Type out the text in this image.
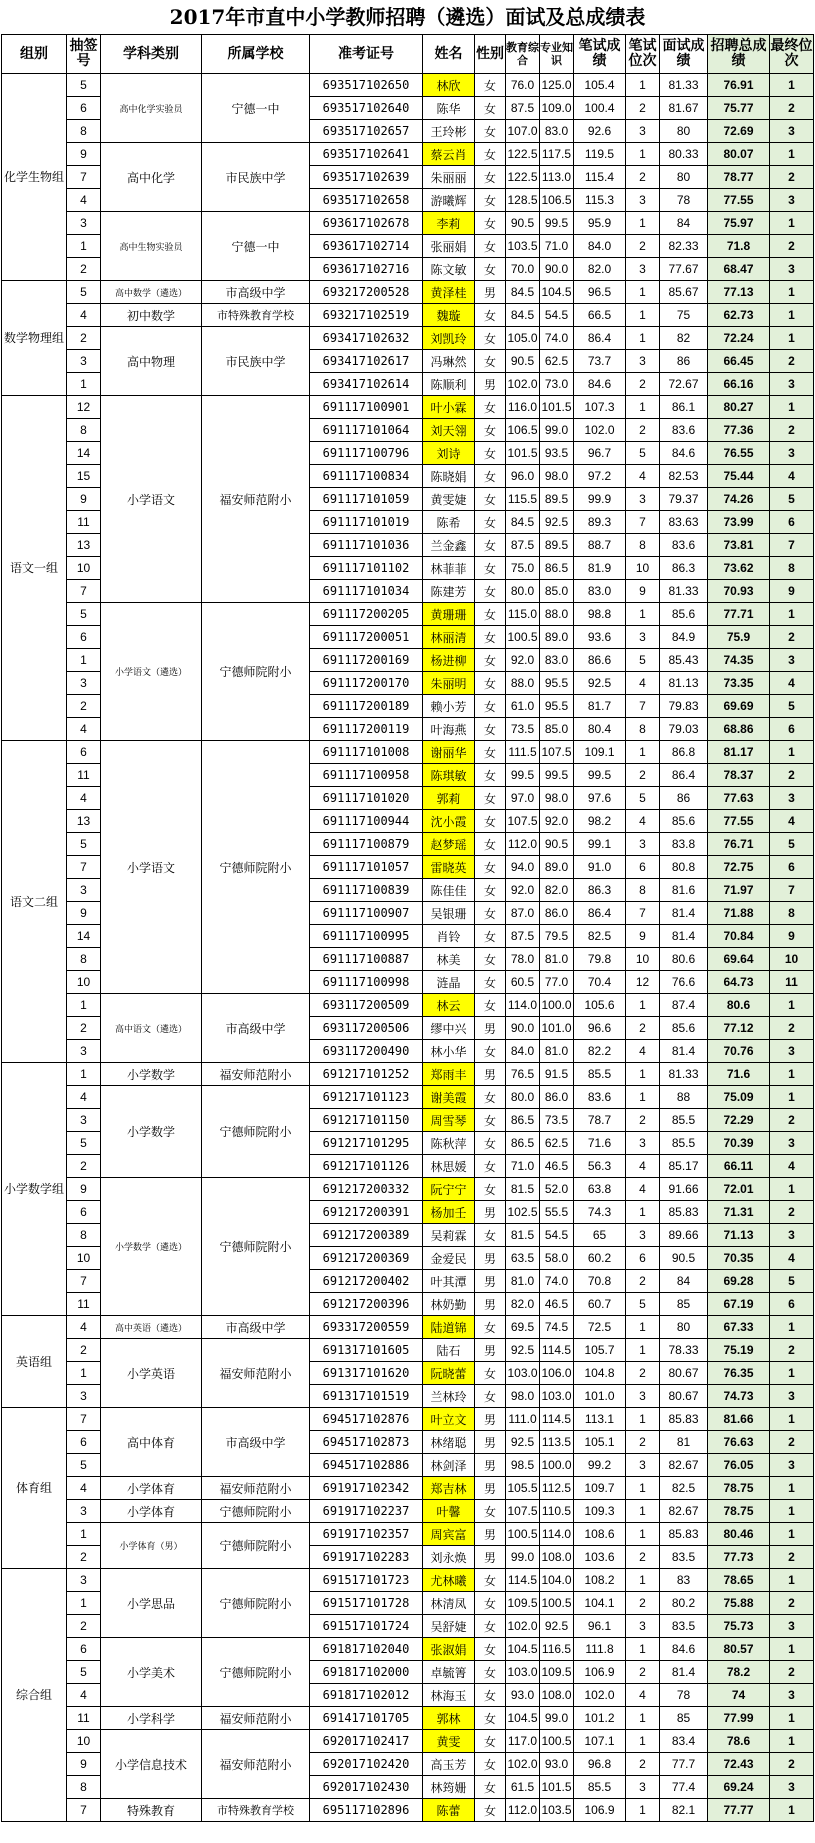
2017年市直中小学教师招聘（遴选）面试及总成绩表
组别	抽签号	学科类别	所属学校	准考证号	姓名	性别	教育综合	专业知识	笔试成绩	笔试位次	面试成绩	招聘总成绩	最终位次
化学生物组	5	高中化学实验员	宁德一中	693517102650	林欣	女	76.0	125.0	105.4	1	81.33	76.91	1
	6			693517102640	陈华	女	87.5	109.0	100.4	2	81.67	75.77	2
	8			693517102657	王玲彬	女	107.0	83.0	92.6	3	80	72.69	3
	9	高中化学	市民族中学	693517102641	蔡云肖	女	122.5	117.5	119.5	1	80.33	80.07	1
	7			693517102639	朱丽丽	女	122.5	113.0	115.4	2	80	78.77	2
	4			693517102658	游曦辉	女	128.5	106.5	115.3	3	78	77.55	3
	3	高中生物实验员	宁德一中	693617102678	李莉	女	90.5	99.5	95.9	1	84	75.97	1
	1			693617102714	张丽娟	女	103.5	71.0	84.0	2	82.33	71.8	2
	2			693617102716	陈文敏	女	70.0	90.0	82.0	3	77.67	68.47	3
数学物理组	5	高中数学（遴选）	市高级中学	693217200528	黄泽桂	男	84.5	104.5	96.5	1	85.67	77.13	1
	4	初中数学	市特殊教育学校	693217102519	魏璇	女	84.5	54.5	66.5	1	75	62.73	1
	2	高中物理	市民族中学	693417102632	刘凯玲	女	105.0	74.0	86.4	1	82	72.24	1
	3			693417102617	冯琳然	女	90.5	62.5	73.7	3	86	66.45	2
	1			693417102614	陈顺利	男	102.0	73.0	84.6	2	72.67	66.16	3
语文一组	12	小学语文	福安师范附小	691117100901	叶小霖	女	116.0	101.5	107.3	1	86.1	80.27	1
	8			691117101064	刘天翎	女	106.5	99.0	102.0	2	83.6	77.36	2
	14			691117100796	刘诗	女	101.5	93.5	96.7	5	84.6	76.55	3
	15			691117100834	陈晓娟	女	96.0	98.0	97.2	4	82.53	75.44	4
	9			691117101059	黄雯婕	女	115.5	89.5	99.9	3	79.37	74.26	5
	11			691117101019	陈希	女	84.5	92.5	89.3	7	83.63	73.99	6
	13			691117101036	兰金鑫	女	87.5	89.5	88.7	8	83.6	73.81	7
	10			691117101102	林菲菲	女	75.0	86.5	81.9	10	86.3	73.62	8
	7			691117101034	陈建芳	女	80.0	85.0	83.0	9	81.33	70.93	9
	5	小学语文（遴选）	宁德师院附小	691117200205	黄珊珊	女	115.0	88.0	98.8	1	85.6	77.71	1
	6			691117200051	林丽清	女	100.5	89.0	93.6	3	84.9	75.9	2
	1			691117200169	杨进柳	女	92.0	83.0	86.6	5	85.43	74.35	3
	3			691117200170	朱丽明	女	88.0	95.5	92.5	4	81.13	73.35	4
	2			691117200189	赖小芳	女	61.0	95.5	81.7	7	79.83	69.69	5
	4			691117200119	叶海燕	女	73.5	85.0	80.4	8	79.03	68.86	6
语文二组	6	小学语文	宁德师院附小	691117101008	谢丽华	女	111.5	107.5	109.1	1	86.8	81.17	1
	11			691117100958	陈琪敏	女	99.5	99.5	99.5	2	86.4	78.37	2
	4			691117101020	郭莉	女	97.0	98.0	97.6	5	86	77.63	3
	13			691117100944	沈小霞	女	107.5	92.0	98.2	4	85.6	77.55	4
	5			691117100879	赵梦瑶	女	112.0	90.5	99.1	3	83.8	76.71	5
	7			691117101057	雷晓英	女	94.0	89.0	91.0	6	80.8	72.75	6
	3			691117100839	陈佳佳	女	92.0	82.0	86.3	8	81.6	71.97	7
	9			691117100907	吴银珊	女	87.0	86.0	86.4	7	81.4	71.88	8
	14			691117100995	肖铃	女	87.5	79.5	82.5	9	81.4	70.84	9
	8			691117100887	林美	女	78.0	81.0	79.8	10	80.6	69.64	10
	10			691117100998	涟晶	女	60.5	77.0	70.4	12	76.6	64.73	11
	1	高中语文（遴选）	市高级中学	693117200509	林云	女	114.0	100.0	105.6	1	87.4	80.6	1
	2			693117200506	缪中兴	男	90.0	101.0	96.6	2	85.6	77.12	2
	3			693117200490	林小华	女	84.0	81.0	82.2	4	81.4	70.76	3
小学数学组	1	小学数学	福安师范附小	691217101252	郑雨丰	男	76.5	91.5	85.5	1	81.33	71.6	1
	4	小学数学	宁德师院附小	691217101123	谢美霞	女	80.0	86.0	83.6	1	88	75.09	1
	3			691217101150	周雪琴	女	86.5	73.5	78.7	2	85.5	72.29	2
	5			691217101295	陈秋萍	女	86.5	62.5	71.6	3	85.5	70.39	3
	2			691217101126	林思媛	女	71.0	46.5	56.3	4	85.17	66.11	4
	9	小学数学（遴选）	宁德师院附小	691217200332	阮宁宁	女	81.5	52.0	63.8	4	91.66	72.01	1
	6			691217200391	杨加壬	男	102.5	55.5	74.3	1	85.83	71.31	2
	8			691217200389	吴莉霖	女	81.5	54.5	65	3	89.66	71.13	3
	10			691217200369	金爱民	男	63.5	58.0	60.2	6	90.5	70.35	4
	7			691217200402	叶其潭	男	81.0	74.0	70.8	2	84	69.28	5
	11			691217200396	林奶勤	男	82.0	46.5	60.7	5	85	67.19	6
英语组	4	高中英语（遴选）	市高级中学	693317200559	陆道锦	女	69.5	74.5	72.5	1	80	67.33	1
	2	小学英语	福安师范附小	691317101605	陆石	男	92.5	114.5	105.7	1	78.33	75.19	2
	1			691317101620	阮晓蕾	女	103.0	106.0	104.8	2	80.67	76.35	1
	3			691317101519	兰林玲	女	98.0	103.0	101.0	3	80.67	74.73	3
体育组	7	高中体育	市高级中学	694517102876	叶立文	男	111.0	114.5	113.1	1	85.83	81.66	1
	6			694517102873	林绪聪	男	92.5	113.5	105.1	2	81	76.63	2
	5			694517102886	林剑泽	男	98.5	100.0	99.2	3	82.67	76.05	3
	4	小学体育	福安师范附小	691917102342	郑吉林	男	105.5	112.5	109.7	1	82.5	78.75	1
	3	小学体育	宁德师院附小	691917102237	叶馨	女	107.5	110.5	109.3	1	82.67	78.75	1
	1	小学体育（男）	宁德师院附小	691917102357	周宾富	男	100.5	114.0	108.6	1	85.83	80.46	1
	2			691917102283	刘永焕	男	99.0	108.0	103.6	2	83.5	77.73	2
综合组	3	小学思品	宁德师院附小	691517101723	尤林曦	女	114.5	104.0	108.2	1	83	78.65	1
	1			691517101728	林清凤	女	109.5	100.5	104.1	2	80.2	75.88	2
	2			691517101724	吴舒婕	女	102.0	92.5	96.1	3	83.5	75.73	3
	6	小学美术	宁德师院附小	691817102040	张淑娟	女	104.5	116.5	111.8	1	84.6	80.57	1
	5			691817102000	卓毓箐	女	103.0	109.5	106.9	2	81.4	78.2	2
	4			691817102012	林海玉	女	93.0	108.0	102.0	4	78	74	3
	11	小学科学	福安师范附小	691417101705	郭林	女	104.5	99.0	101.2	1	85	77.99	1
	10	小学信息技术	福安师范附小	692017102417	黄雯	女	117.0	100.5	107.1	1	83.4	78.6	1
	9			692017102420	高玉芳	女	102.0	93.0	96.8	2	77.7	72.43	2
	8			692017102430	林筠姗	女	61.5	101.5	85.5	3	77.4	69.24	3
	7	特殊教育	市特殊教育学校	695117102896	陈蕾	女	112.0	103.5	106.9	1	82.1	77.77	1
